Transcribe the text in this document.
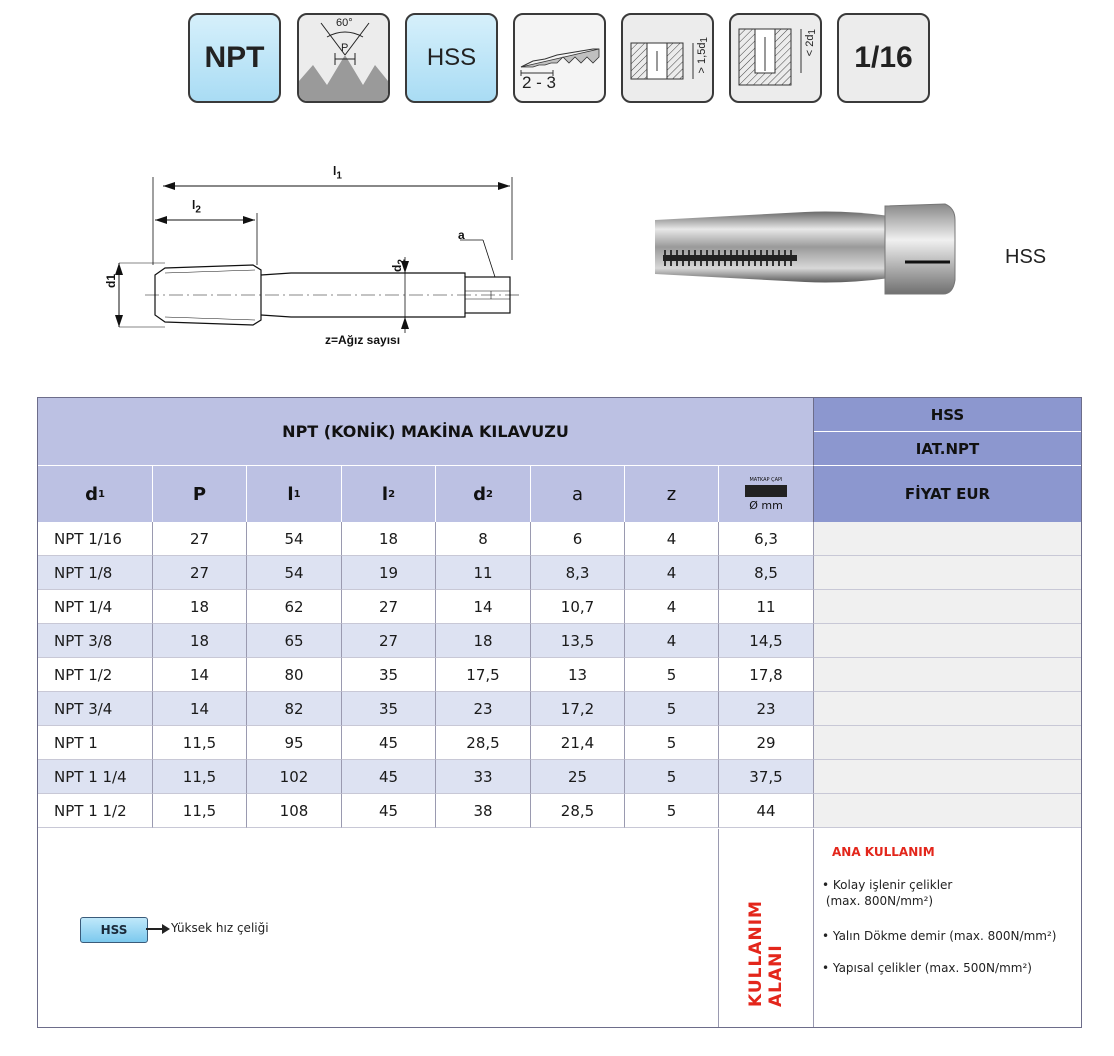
NPT
60°
P	HSS
2 - 3
> $1,5d_1$	< $2d_1$
1/16
$l_1$
$l_2$
d1
$d_2$
a
z=Ağız sayısı
HSS
NPT (KONİK) MAKİNA KILAVUZU
HSS
IAT.NPT
d 1	P	l 1	l 2	d 2	a	z
MATKAP ÇAPI
Ø mm
FİYAT EUR
NPT 1/16	27	54	18	8	6	4	6,3
NPT 1/8	27	54	19	11	8,3	4	8,5
NPT 1/4	18	62	27	14	10,7	4	11
NPT 3/8	18	65	27	18	13,5	4	14,5
NPT 1/2	14	80	35	17,5	13	5	17,8
NPT 3/4	14	82	35	23	17,2	5	23
NPT 1	11,5	95	45	28,5	21,4	5	29
NPT 1 1/4	11,5	102	45	33	25	5	37,5
NPT 1 1/2	11,5	108	45	38	28,5	5	44
HSS	Yüksek hız çeliği	KULLANIM ALANI
ANA KULLANIM
• Kolay işlenir çelikler
(max. 800N/mm²)
• Yalın Dökme demir (max. 800N/mm²)
• Yapısal çelikler (max. 500N/mm²)
